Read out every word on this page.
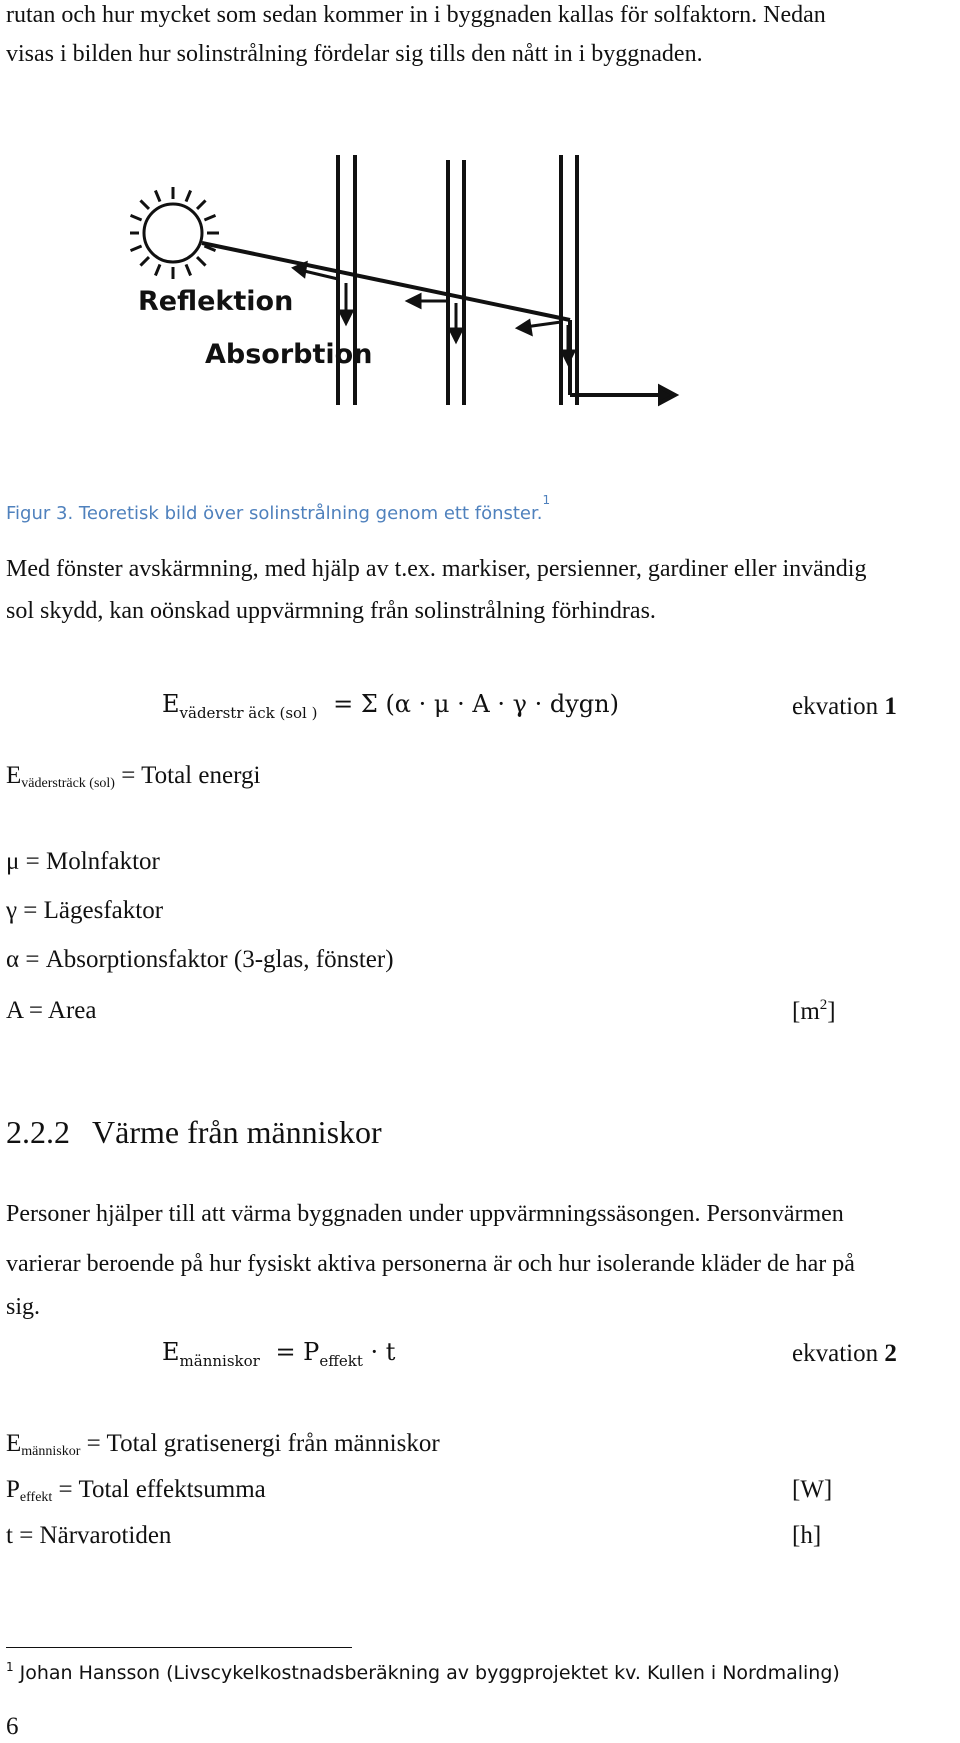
rutan och hur mycket som sedan kommer in i byggnaden kallas för solfaktorn. Nedan
visas i bilden hur solinstrålning fördelar sig tills den nått in i byggnaden.
Reflektion
Absorbtion
Figur 3. Teoretisk bild över solinstrålning genom ett fönster.$^1$
Med fönster avskärmning, med hjälp av t.ex. markiser, persienner, gardiner eller invändig
sol skydd, kan oönskad uppvärmning från solinstrålning förhindras.
$E_{väderstr äck (sol )} = \Sigma$ (α · μ · A · γ · dygn)	ekvation 1
$E_{vädersträck (sol)}$ = Total energi
μ = Molnfaktor
γ = Lägesfaktor
α = Absorptionsfaktor (3-glas, fönster)
A = Area	$[m^2]$
2.2.2 Värme från människor
Personer hjälper till att värma byggnaden under uppvärmningssäsongen. Personvärmen
varierar beroende på hur fysiskt aktiva personerna är och hur isolerande kläder de har på
sig.
$E_{människor} = P_{effekt} \cdot t$	ekvation 2
$E_{människor}$ = Total gratisenergi från människor
$P_{effekt}$ = Total effektsumma	[W]
t = Närvarotiden	[h]
$^1$ Johan Hansson (Livscykelkostnadsberäkning av byggprojektet kv. Kullen i Nordmaling)
6
